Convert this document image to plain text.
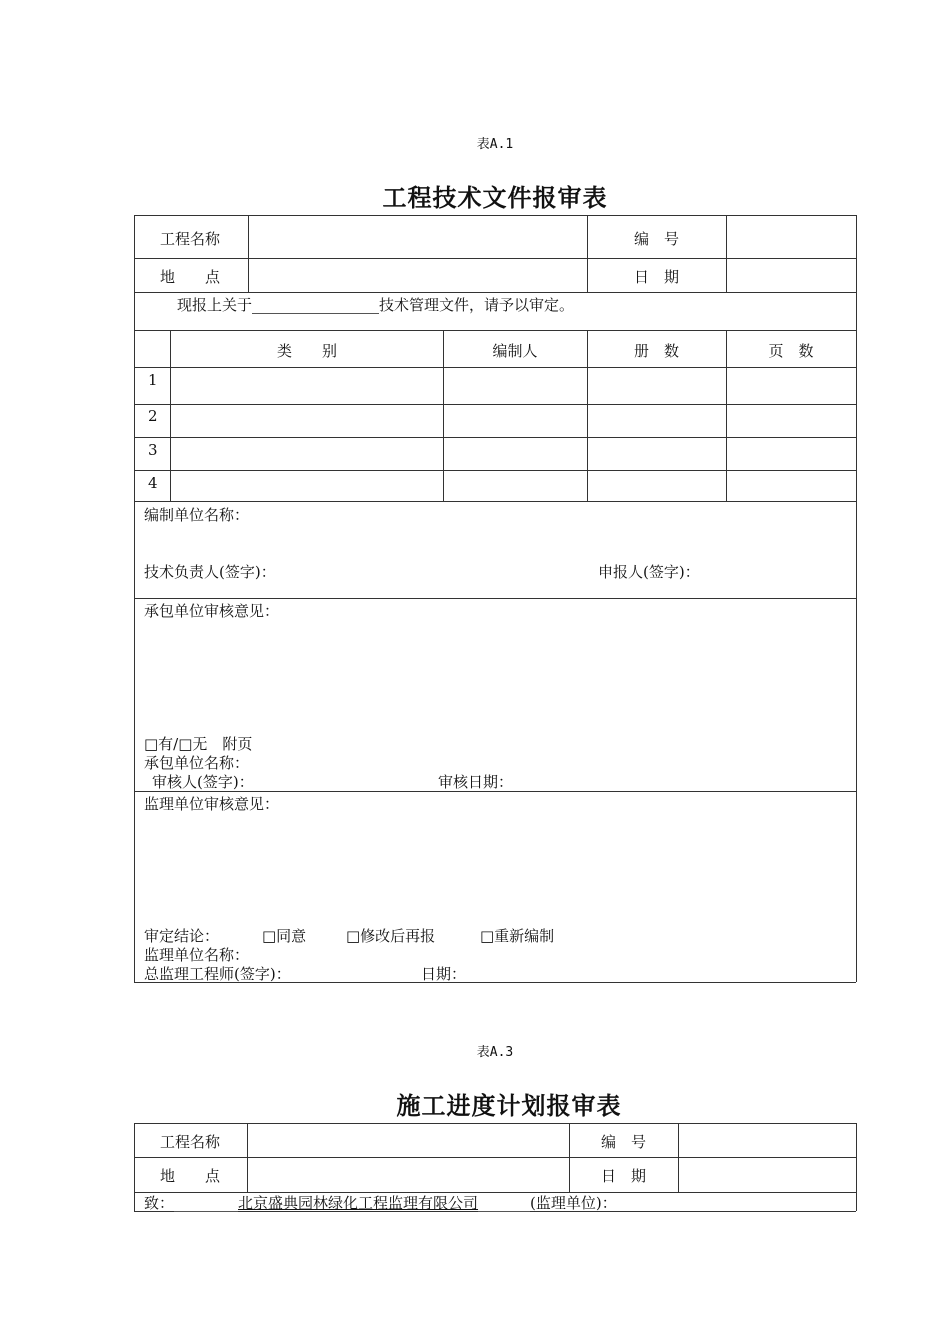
表A.1
工程技术文件报审表
工程名称	编　号
地　　点	日　期
现报上关于	技术管理文件，请予以审定。
类　　别	编制人	册　数	页　数
1
2
3
4
编制单位名称：
技术负责人(签字)：	申报人(签字)：
承包单位审核意见：
□有/□无　附页
承包单位名称：
审核人(签字)：	审核日期：
监理单位审核意见：
审定结论：	□同意	□修改后再报	□重新编制
监理单位名称：
总监理工程师(签字)：	日期：
表A.3
施工进度计划报审表
工程名称	编　号
地　　点	日　期
致：	北京盛典园林绿化工程监理有限公司	(监理单位)：
